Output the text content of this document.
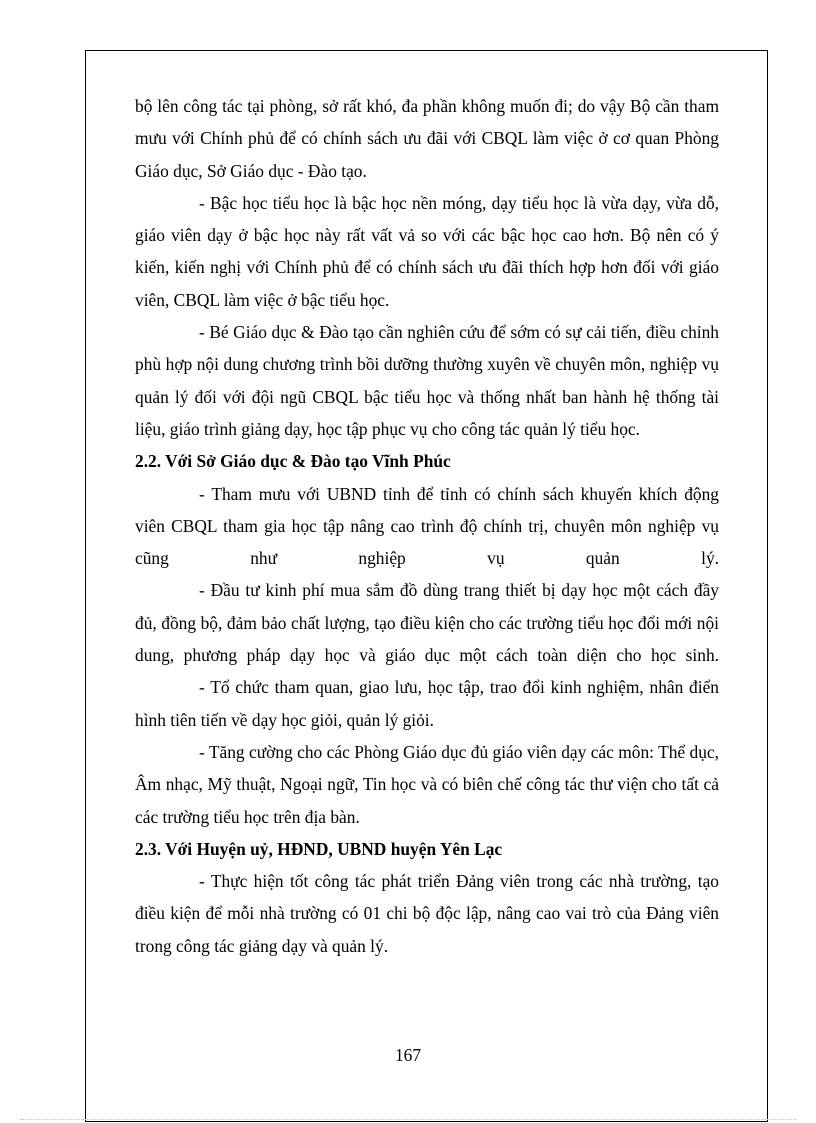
bộ lên công tác tại phòng, sở rất khó, đa phần không muốn đi; do vậy Bộ cần tham mưu với Chính phủ để có chính sách ưu đãi với CBQL làm việc ở cơ quan Phòng Giáo dục, Sở Giáo dục - Đào tạo.

- Bậc học tiểu học là bậc học nền móng, dạy tiểu học là vừa dạy, vừa dỗ, giáo viên dạy ở bậc học này rất vất vả so với các bậc học cao hơn. Bộ nên có ý kiến, kiến nghị với Chính phủ để có chính sách ưu đãi thích hợp hơn đối với giáo viên, CBQL làm việc ở bậc tiểu học.

- Bé Giáo dục & Đào tạo cần nghiên cứu để sớm có sự cải tiến, điều chỉnh phù hợp nội dung chương trình bồi dưỡng thường xuyên về chuyên môn, nghiệp vụ quản lý đối với đội ngũ CBQL bậc tiểu học và thống nhất ban hành hệ thống tài liệu, giáo trình giảng dạy, học tập phục vụ cho công tác quản lý tiểu học.

2.2. Với Sở Giáo dục & Đào tạo Vĩnh Phúc

- Tham mưu với UBND tỉnh để tỉnh có chính sách khuyến khích động viên CBQL tham gia học tập nâng cao trình độ chính trị, chuyên môn nghiệp vụ cũng như nghiệp vụ quản lý.

- Đầu tư kinh phí mua sắm đồ dùng trang thiết bị dạy học một cách đầy đủ, đồng bộ, đảm bảo chất lượng, tạo điều kiện cho các trường tiểu học đổi mới nội dung, phương pháp dạy học và giáo dục một cách toàn diện cho học sinh.

- Tổ chức tham quan, giao lưu, học tập, trao đổi kinh nghiệm, nhân điển hình tiên tiến về dạy học giỏi, quản lý giỏi.

- Tăng cường cho các Phòng Giáo dục đủ giáo viên dạy các môn: Thể dục, Âm nhạc, Mỹ thuật, Ngoại ngữ, Tin học và có biên chế công tác thư viện cho tất cả các trường tiểu học trên địa bàn.

2.3. Với Huyện uỷ, HĐND, UBND huyện Yên Lạc

- Thực hiện tốt công tác phát triển Đảng viên trong các nhà trường, tạo điều kiện để mỗi nhà trường có 01 chi bộ độc lập, nâng cao vai trò của Đảng viên trong công tác giảng dạy và quản lý.

167
